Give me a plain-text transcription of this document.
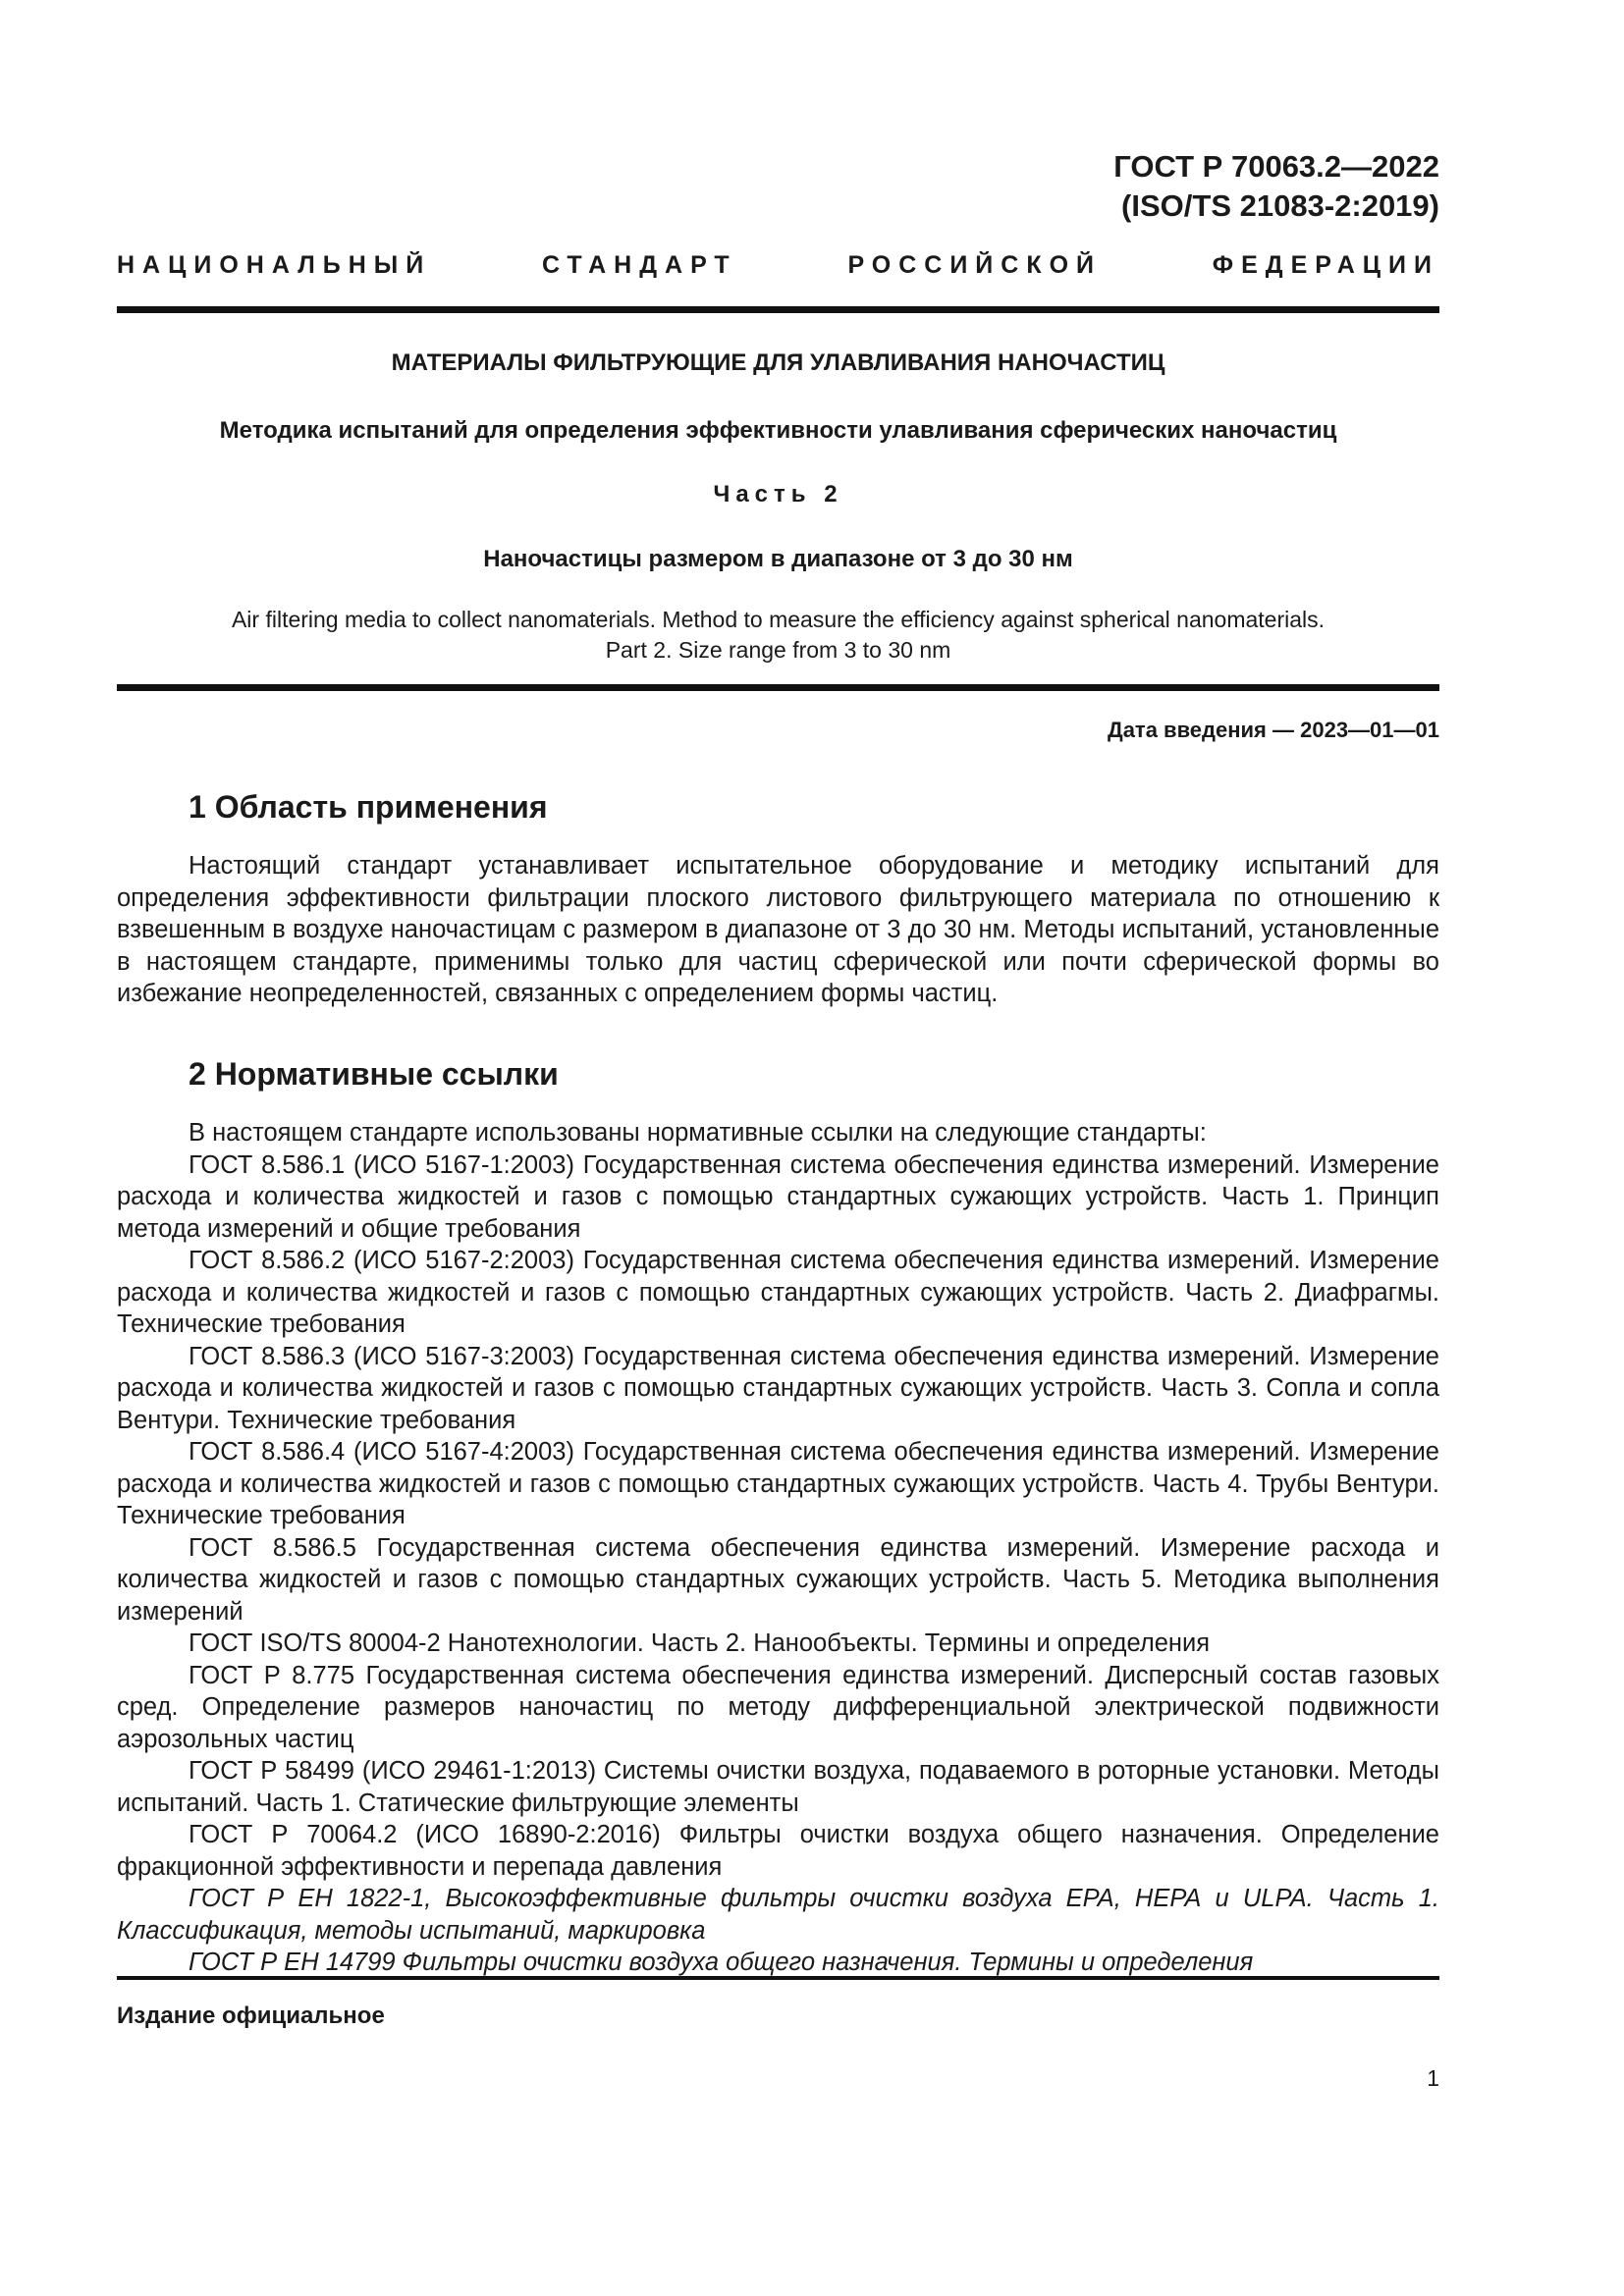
ГОСТ Р 70063.2—2022
(ISO/TS 21083-2:2019)
НАЦИОНАЛЬНЫЙ СТАНДАРТ РОССИЙСКОЙ ФЕДЕРАЦИИ
МАТЕРИАЛЫ ФИЛЬТРУЮЩИЕ ДЛЯ УЛАВЛИВАНИЯ НАНОЧАСТИЦ
Методика испытаний для определения эффективности улавливания сферических наночастиц
Часть 2
Наночастицы размером в диапазоне от 3 до 30 нм
Air filtering media to collect nanomaterials. Method to measure the efficiency against spherical nanomaterials.
Part 2. Size range from 3 to 30 nm
Дата введения — 2023—01—01
1 Область применения

Настоящий стандарт устанавливает испытательное оборудование и методику испытаний для определения эффективности фильтрации плоского листового фильтрующего материала по отношению к взвешенным в воздухе наночастицам с размером в диапазоне от 3 до 30 нм. Методы испытаний, установленные в настоящем стандарте, применимы только для частиц сферической или почти сферической формы во избежание неопределенностей, связанных с определением формы частиц.

2 Нормативные ссылки

В настоящем стандарте использованы нормативные ссылки на следующие стандарты:

ГОСТ 8.586.1 (ИСО 5167-1:2003) Государственная система обеспечения единства измерений. Измерение расхода и количества жидкостей и газов с помощью стандартных сужающих устройств. Часть 1. Принцип метода измерений и общие требования

ГОСТ 8.586.2 (ИСО 5167-2:2003) Государственная система обеспечения единства измерений. Измерение расхода и количества жидкостей и газов с помощью стандартных сужающих устройств. Часть 2. Диафрагмы. Технические требования

ГОСТ 8.586.3 (ИСО 5167-3:2003) Государственная система обеспечения единства измерений. Измерение расхода и количества жидкостей и газов с помощью стандартных сужающих устройств. Часть 3. Сопла и сопла Вентури. Технические требования

ГОСТ 8.586.4 (ИСО 5167-4:2003) Государственная система обеспечения единства измерений. Измерение расхода и количества жидкостей и газов с помощью стандартных сужающих устройств. Часть 4. Трубы Вентури. Технические требования

ГОСТ 8.586.5 Государственная система обеспечения единства измерений. Измерение расхода и количества жидкостей и газов с помощью стандартных сужающих устройств. Часть 5. Методика выполнения измерений

ГОСТ ISO/TS 80004-2 Нанотехнологии. Часть 2. Нанообъекты. Термины и определения

ГОСТ Р 8.775 Государственная система обеспечения единства измерений. Дисперсный состав газовых сред. Определение размеров наночастиц по методу дифференциальной электрической подвижности аэрозольных частиц

ГОСТ Р 58499 (ИСО 29461-1:2013) Системы очистки воздуха, подаваемого в роторные установки. Методы испытаний. Часть 1. Статические фильтрующие элементы

ГОСТ Р 70064.2 (ИСО 16890-2:2016) Фильтры очистки воздуха общего назначения. Определение фракционной эффективности и перепада давления

ГОСТ Р ЕН 1822-1, Высокоэффективные фильтры очистки воздуха ЕРА, НЕРА и ULPA. Часть 1. Классификация, методы испытаний, маркировка

ГОСТ Р ЕН 14799 Фильтры очистки воздуха общего назначения. Термины и определения

Издание официальное
1
